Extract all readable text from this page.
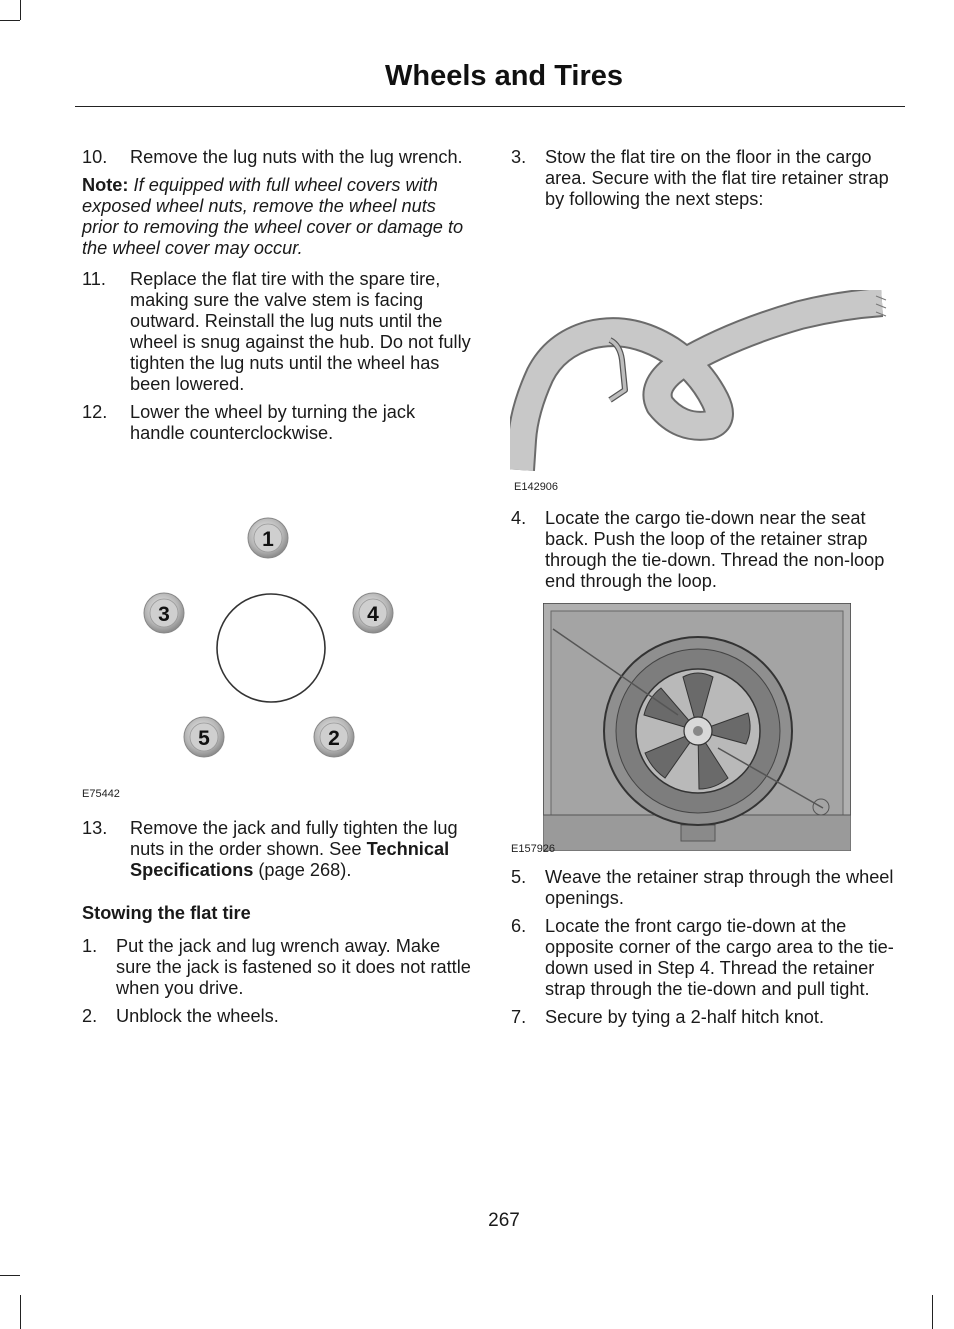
Wheels and Tires
10.	Remove the lug nuts with the lug wrench.
Note: If equipped with full wheel covers with exposed wheel nuts, remove the wheel nuts prior to removing the wheel cover or damage to the wheel cover may occur.
11.	Replace the flat tire with the spare tire, making sure the valve stem is facing outward. Reinstall the lug nuts until the wheel is snug against the hub. Do not fully tighten the lug nuts until the wheel has been lowered.
12.	Lower the wheel by turning the jack handle counterclockwise.
1
2
3	4
5
E75442
13.	Remove the jack and fully tighten the lug nuts in the order shown. See Technical Specifications (page 268).
Stowing the flat tire
1.	Put the jack and lug wrench away. Make sure the jack is fastened so it does not rattle when you drive.
2.	Unblock the wheels.
3.	Stow the flat tire on the floor in the cargo area. Secure with the flat tire retainer strap by following the next steps:
E142906
4.	Locate the cargo tie-down near the seat back. Push the loop of the retainer strap through the tie-down. Thread the non-loop end through the loop.
E157926
5.	Weave the retainer strap through the wheel openings.
6.	Locate the front cargo tie-down at the opposite corner of the cargo area to the tie-down used in Step 4. Thread the retainer strap through the tie-down and pull tight.
7.	Secure by tying a 2-half hitch knot.
267
